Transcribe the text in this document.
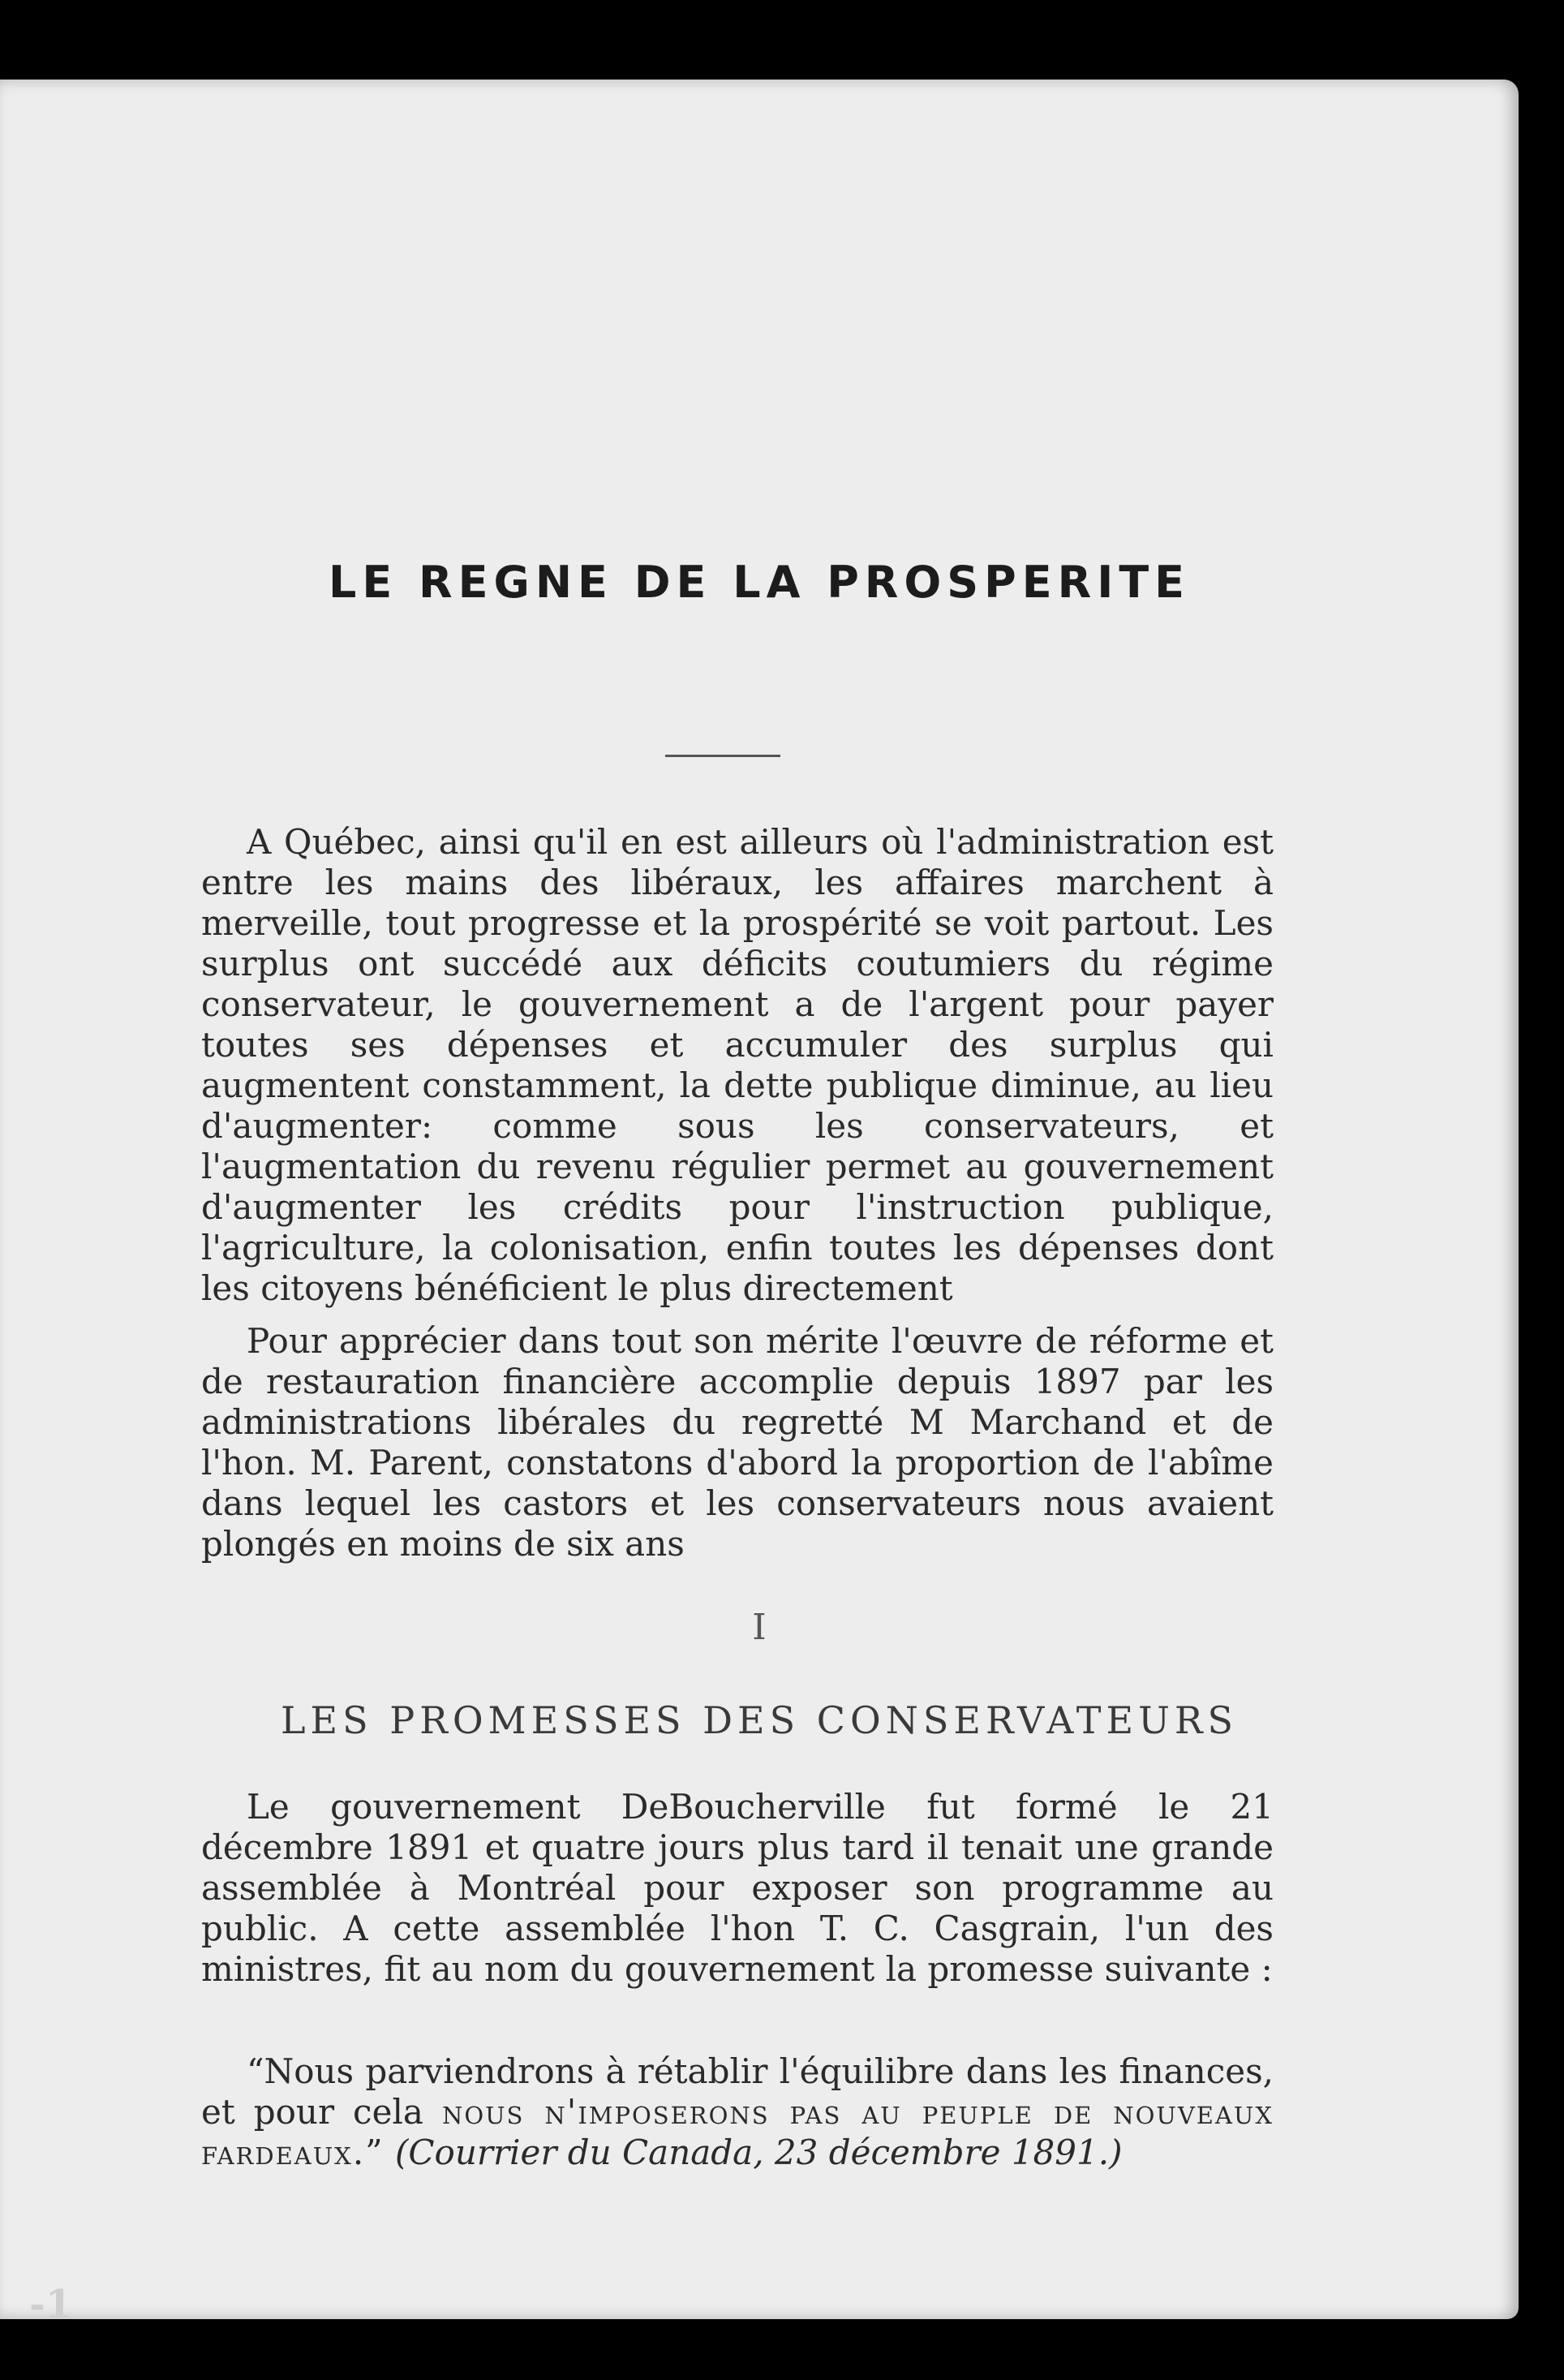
LE REGNE DE LA PROSPERITE

A Québec, ainsi qu'il en est ailleurs où l'administration est entre les mains des libéraux, les affaires marchent à merveille, tout progresse et la prospérité se voit partout. Les surplus ont succédé aux déficits coutumiers du régime conservateur, le gouvernement a de l'argent pour payer toutes ses dépenses et accumuler des surplus qui augmentent constamment, la dette publique diminue, au lieu d'augmenter: comme sous les conservateurs, et l'augmentation du revenu régulier permet au gouvernement d'augmenter les crédits pour l'instruction publique, l'agriculture, la colonisation, enfin toutes les dépenses dont les citoyens bénéficient le plus directement

Pour apprécier dans tout son mérite l'œuvre de réforme et de restauration financière accomplie depuis 1897 par les administrations libérales du regretté M Marchand et de l'hon. M. Parent, constatons d'abord la proportion de l'abîme dans lequel les castors et les conservateurs nous avaient plongés en moins de six ans

I
LES PROMESSES DES CONSERVATEURS

Le gouvernement DeBoucherville fut formé le 21 décembre 1891 et quatre jours plus tard il tenait une grande assemblée à Montréal pour exposer son programme au public. A cette assemblée l'hon T. C. Casgrain, l'un des ministres, fit au nom du gouvernement la promesse suivante :

“Nous parviendrons à rétablir l'équilibre dans les finances, et pour cela nous n'imposerons pas au peuple de nouveaux fardeaux.” (Courrier du Canada, 23 décembre 1891.)

-1
